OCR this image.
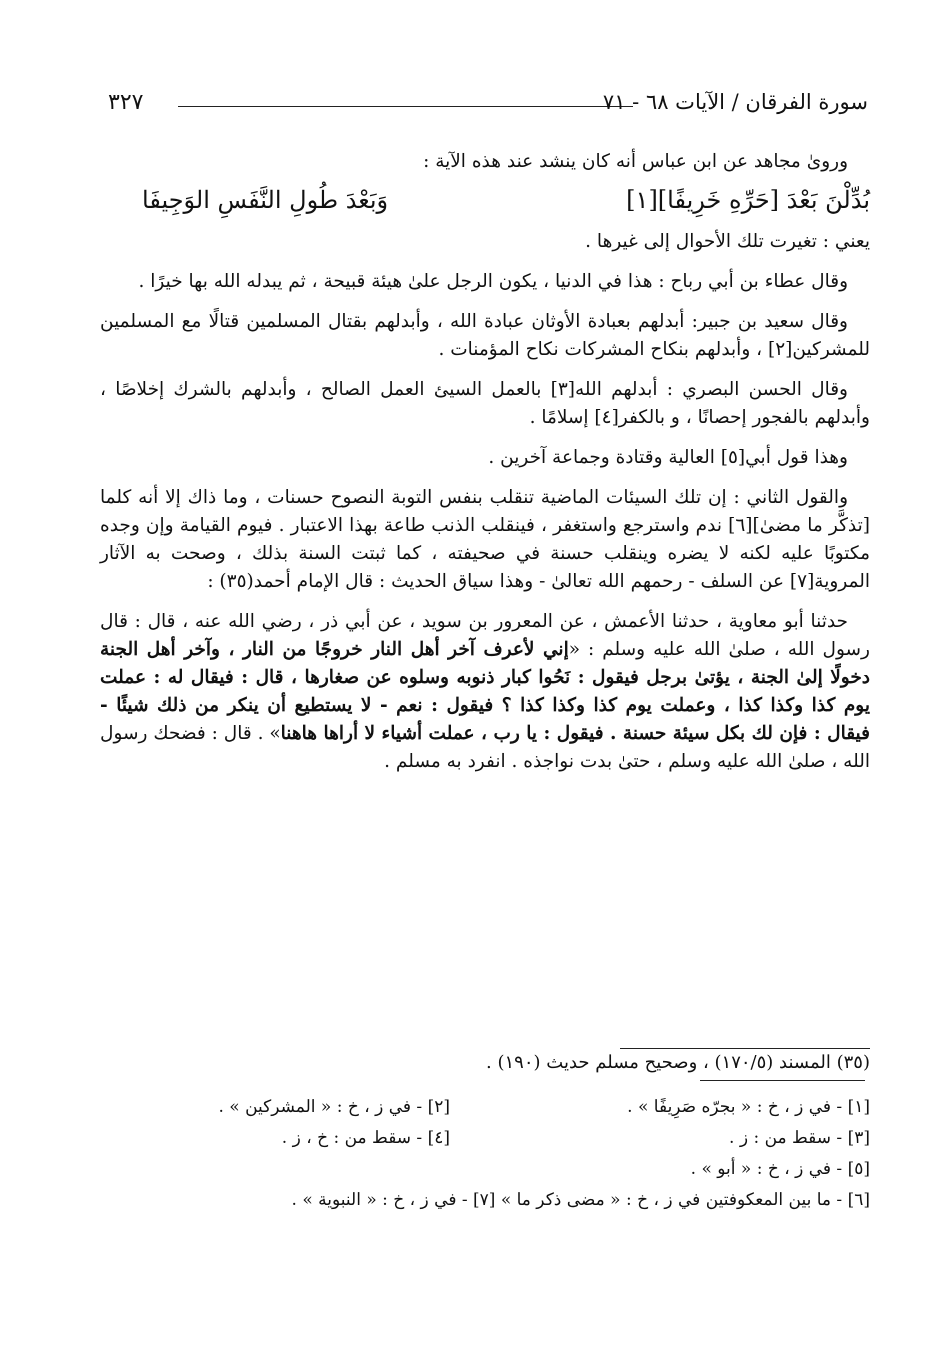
٣٢٧	سورة الفرقان / الآيات ٦٨ - ٧١

وروىٰ مجاهد عن ابن عباس أنه كان ينشد عند هذه الآية :

يعني : تغيرت تلك الأحوال إلى غيرها .

وقال عطاء بن أبي رباح : هذا في الدنيا ، يكون الرجل علىٰ هيئة قبيحة ، ثم يبدله الله بها خيرًا .

وقال سعيد بن جبير: أبدلهم بعبادة الأوثان عبادة الله ، وأبدلهم بقتال المسلمين قتالًا مع المسلمين للمشركين[٢] ، وأبدلهم بنكاح المشركات نكاح المؤمنات .

وقال الحسن البصري : أبدلهم الله[٣] بالعمل السيئ العمل الصالح ، وأبدلهم بالشرك إخلاصًا ، وأبدلهم بالفجور إحصانًا ، و بالكفر[٤] إسلامًا .

وهذا قول أبي[٥] العالية وقتادة وجماعة آخرين .

والقول الثاني : إن تلك السيئات الماضية تنقلب بنفس التوبة النصوح حسنات ، وما ذاك إلا أنه كلما [تذكَّر ما مضىٰ][٦] ندم واسترجع واستغفر ، فينقلب الذنب طاعة بهذا الاعتبار . فيوم القيامة وإن وجده مكتوبًا عليه لكنه لا يضره وينقلب حسنة في صحيفته ، كما ثبتت السنة بذلك ، وصحت به الآثار المروية[٧] عن السلف - رحمهم الله تعالىٰ - وهذا سياق الحديث : قال الإمام أحمد(٣٥) :

حدثنا أبو معاوية ، حدثنا الأعمش ، عن المعرور بن سويد ، عن أبي ذر ، رضي الله عنه ، قال : قال رسول الله ، صلىٰ الله عليه وسلم : «إني لأعرف آخر أهل النار خروجًا من النار ، وآخر أهل الجنة دخولًا إلىٰ الجنة ، يؤتىٰ برجل فيقول : نَحُوا كبار ذنوبه وسلوه عن صغارها ، قال : فيقال له : عملت يوم كذا وكذا كذا ، وعملت يوم كذا وكذا كذا ؟ فيقول : نعم - لا يستطيع أن ينكر من ذلك شيئًا - فيقال : فإن لك بكل سيئة حسنة . فيقول : يا رب ، عملت أشياء لا أراها هاهنا» . قال : فضحك رسول الله ، صلىٰ الله عليه وسلم ، حتىٰ بدت نواجذه . انفرد به مسلم .

بُدِّلْنَ بَعْدَ [حَرِّهِ خَرِيفًا][١]
وَبَعْدَ طُولِ النَّفَسِ الوَجِيفَا
(٣٥) المسند (١٧٠/٥) ، وصحيح مسلم حديث (١٩٠) .
[١] - في ز ، خ : « بجرّه صَرِيفًا » .
[٢] - في ز ، خ : « المشركين » .
[٣] - سقط من : ز .
[٤] - سقط من : خ ، ز .
[٥] - في ز ، خ : « أبو » .
[٦] - ما بين المعكوفتين في ز ، خ : « مضى ذكر ما » [٧] - في ز ، خ : « النبوية » .
